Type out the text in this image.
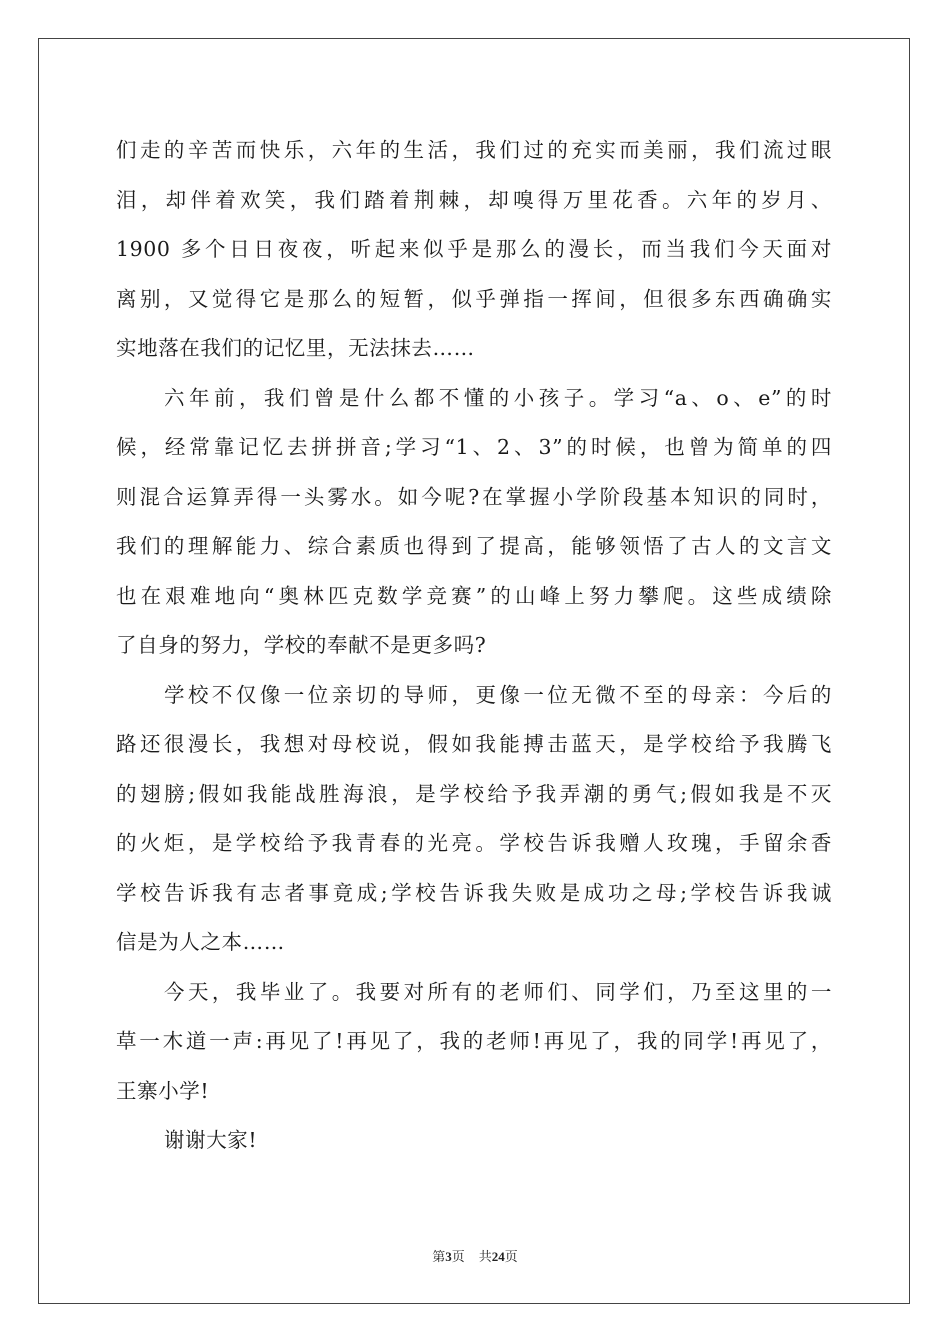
们走的辛苦而快乐，六年的生活，我们过的充实而美丽，我们流过眼
泪，却伴着欢笑，我们踏着荆棘，却嗅得万里花香。六年的岁月、
1900 多个日日夜夜，听起来似乎是那么的漫长，而当我们今天面对
离别，又觉得它是那么的短暂，似乎弹指一挥间，但很多东西确确实
实地落在我们的记忆里，无法抹去……
六年前，我们曾是什么都不懂的小孩子。学习“a、o、e”的时
候，经常靠记忆去拼拼音;学习“1、2、3”的时候，也曾为简单的四
则混合运算弄得一头雾水。如今呢?在掌握小学阶段基本知识的同时，
我们的理解能力、综合素质也得到了提高，能够领悟了古人的文言文
也在艰难地向“奥林匹克数学竞赛”的山峰上努力攀爬。这些成绩除
了自身的努力，学校的奉献不是更多吗?
学校不仅像一位亲切的导师，更像一位无微不至的母亲：今后的
路还很漫长，我想对母校说，假如我能搏击蓝天，是学校给予我腾飞
的翅膀;假如我能战胜海浪，是学校给予我弄潮的勇气;假如我是不灭
的火炬，是学校给予我青春的光亮。学校告诉我赠人玫瑰，手留余香
学校告诉我有志者事竟成;学校告诉我失败是成功之母;学校告诉我诚
信是为人之本……
今天，我毕业了。我要对所有的老师们、同学们，乃至这里的一
草一木道一声:再见了!再见了，我的老师!再见了，我的同学!再见了，
王寨小学!
谢谢大家!
第3页 共24页
